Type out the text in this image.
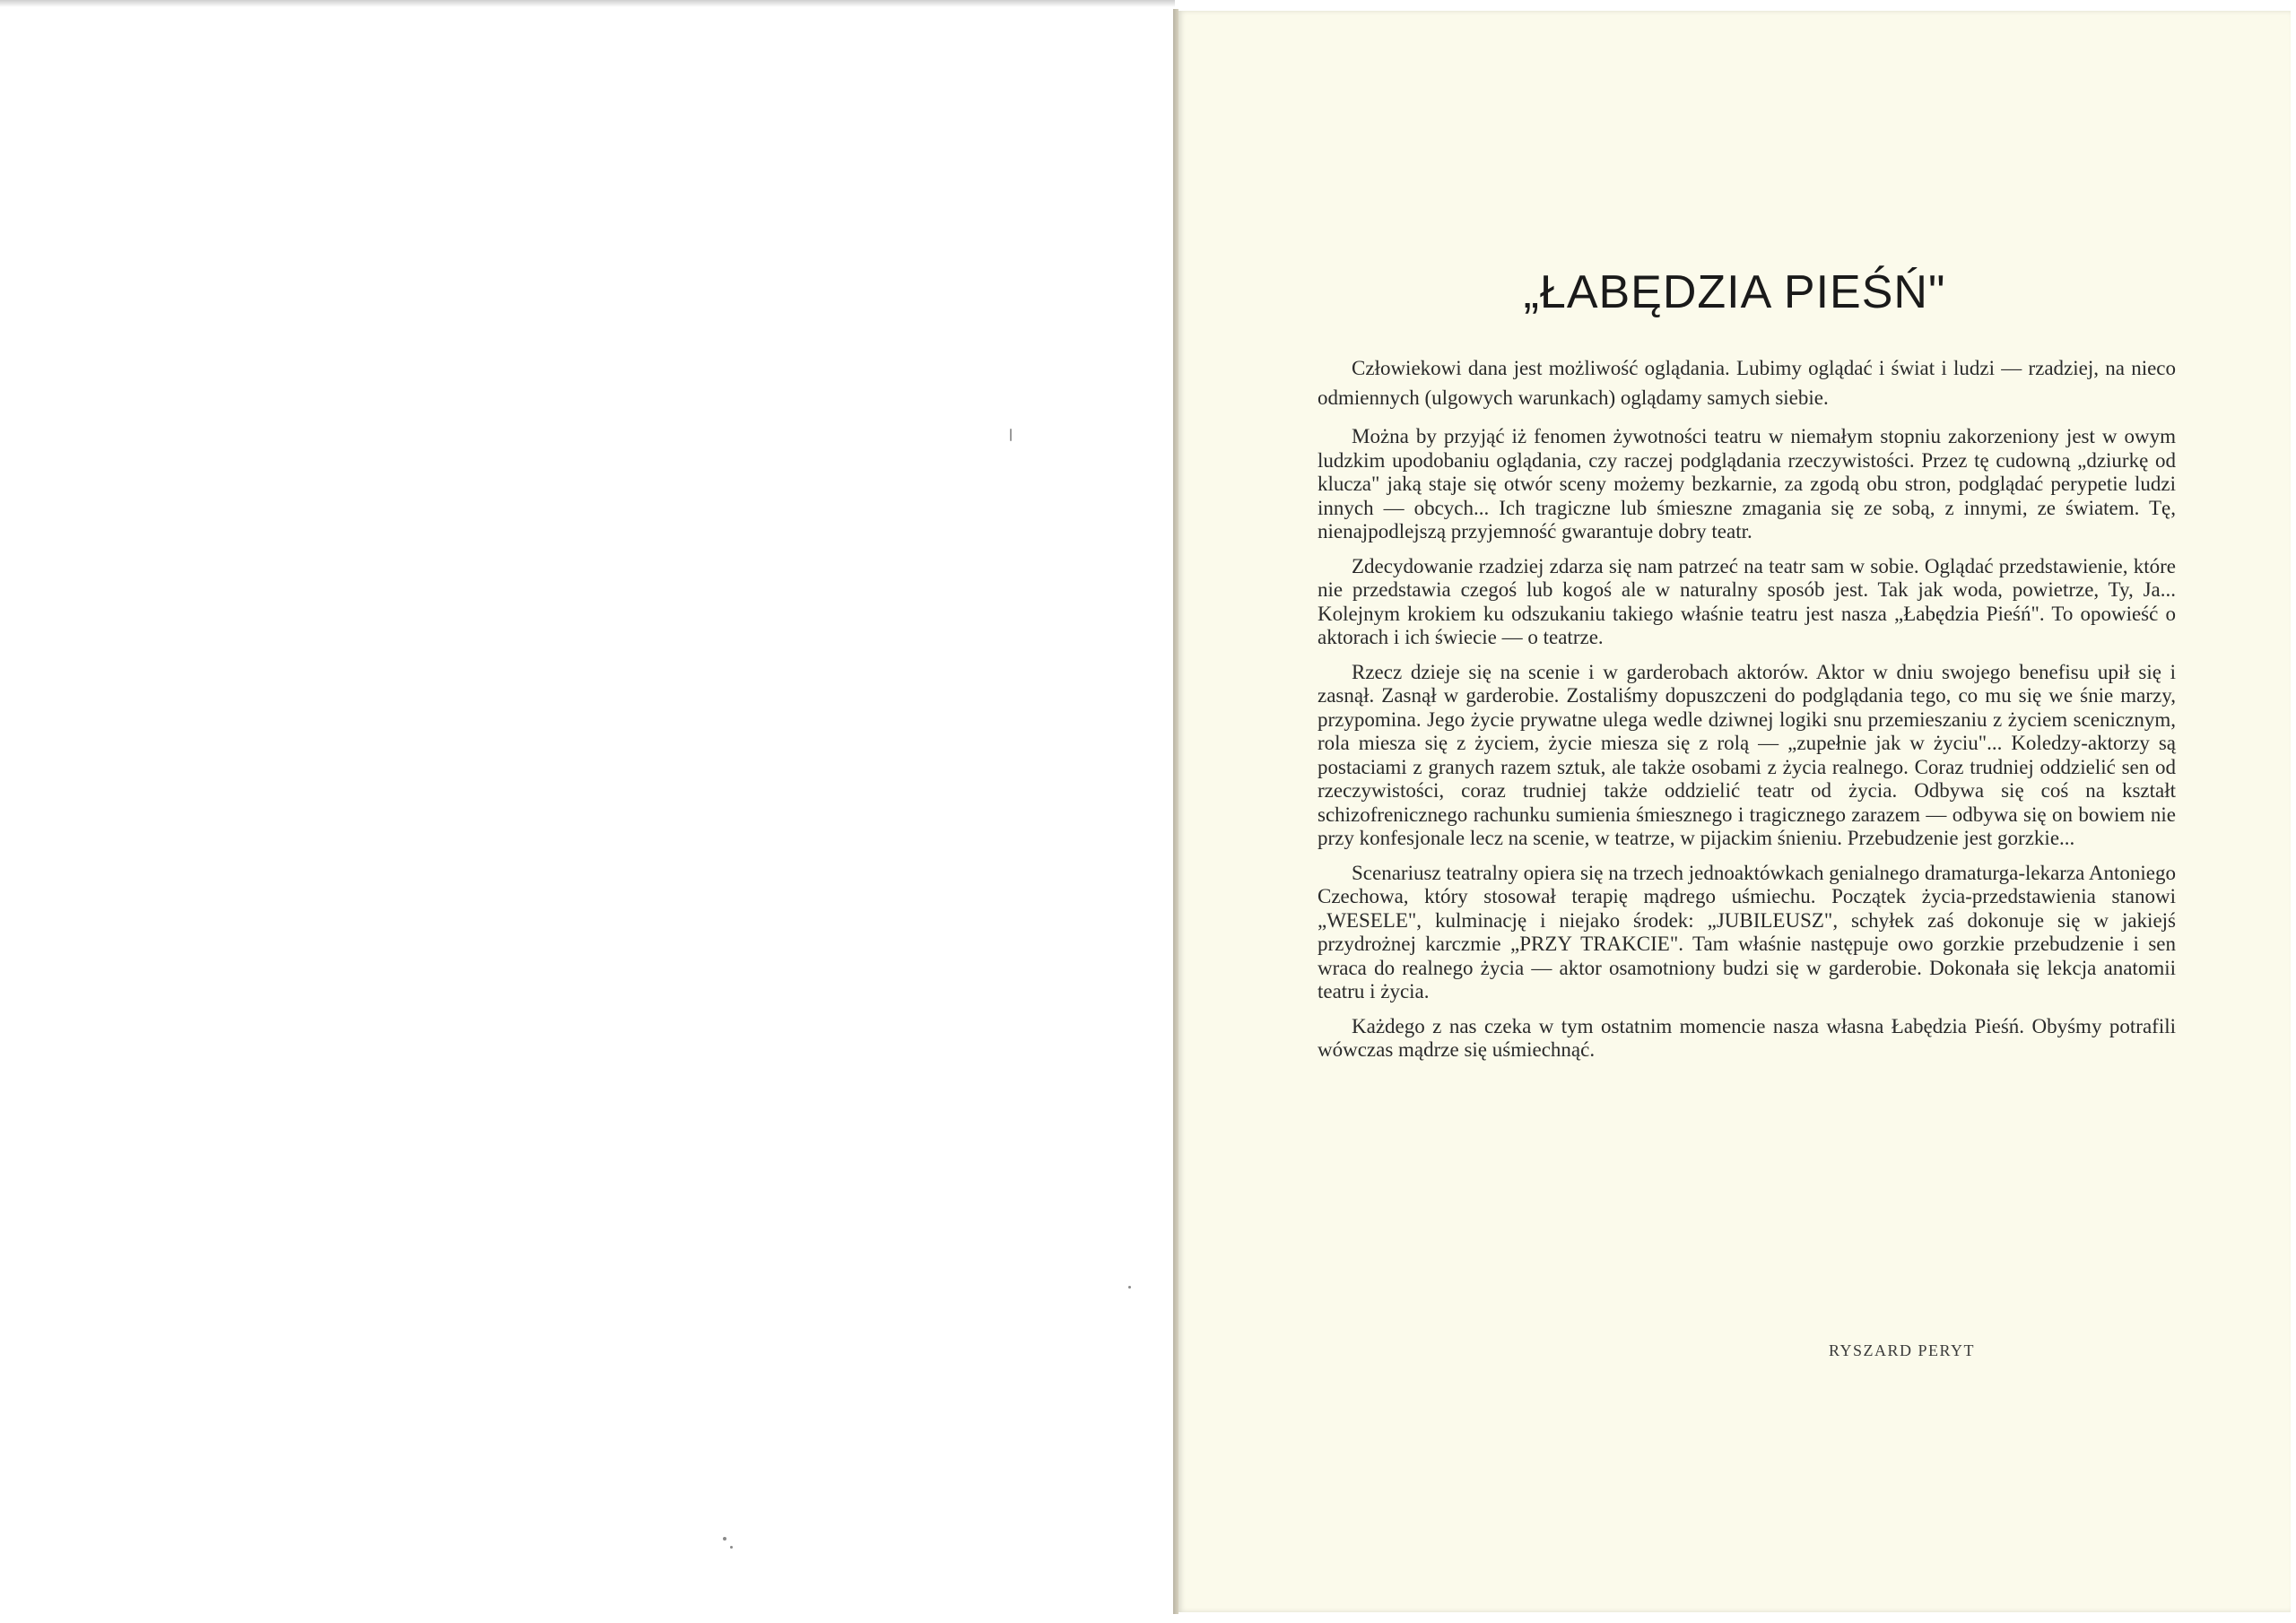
„ŁABĘDZIA PIEŚŃ"

Człowiekowi dana jest możliwość oglądania. Lubimy oglądać i świat i ludzi — rzadziej, na nieco odmiennych (ulgowych warunkach) oglądamy samych siebie.

Można by przyjąć iż fenomen żywotności teatru w niemałym stopniu zakorzeniony jest w owym ludzkim upodobaniu oglądania, czy raczej podglądania rzeczywistości. Przez tę cudowną „dziurkę od klucza" jaką staje się otwór sceny możemy bezkarnie, za zgodą obu stron, podglądać perypetie ludzi innych — obcych... Ich tragiczne lub śmieszne zmagania się ze sobą, z innymi, ze światem. Tę, nienajpodlejszą przyjemność gwarantuje dobry teatr.

Zdecydowanie rzadziej zdarza się nam patrzeć na teatr sam w sobie. Oglądać przedstawienie, które nie przedstawia czegoś lub kogoś ale w naturalny sposób jest. Tak jak woda, powietrze, Ty, Ja... Kolejnym krokiem ku odszukaniu takiego właśnie teatru jest nasza „Łabędzia Pieśń". To opowieść o aktorach i ich świecie — o teatrze.

Rzecz dzieje się na scenie i w garderobach aktorów. Aktor w dniu swojego benefisu upił się i zasnął. Zasnął w garderobie. Zostaliśmy dopuszczeni do podglądania tego, co mu się we śnie marzy, przypomina. Jego życie prywatne ulega wedle dziwnej logiki snu przemieszaniu z życiem scenicznym, rola miesza się z życiem, życie miesza się z rolą — „zupełnie jak w życiu"... Koledzy-aktorzy są postaciami z granych razem sztuk, ale także osobami z życia realnego. Coraz trudniej oddzielić sen od rzeczywistości, coraz trudniej także oddzielić teatr od życia. Odbywa się coś na kształt schizofrenicznego rachunku sumienia śmiesznego i tragicznego zarazem — odbywa się on bowiem nie przy konfesjonale lecz na scenie, w teatrze, w pijackim śnieniu. Przebudzenie jest gorzkie...

Scenariusz teatralny opiera się na trzech jednoaktówkach genialnego dramaturga-lekarza Antoniego Czechowa, który stosował terapię mądrego uśmiechu. Początek życia-przedstawienia stanowi „WESELE", kulminację i niejako środek: „JUBILEUSZ", schyłek zaś dokonuje się w jakiejś przydrożnej karczmie „PRZY TRAKCIE". Tam właśnie następuje owo gorzkie przebudzenie i sen wraca do realnego życia — aktor osamotniony budzi się w garderobie. Dokonała się lekcja anatomii teatru i życia.

Każdego z nas czeka w tym ostatnim momencie nasza własna Łabędzia Pieśń. Obyśmy potrafili wówczas mądrze się uśmiechnąć.

RYSZARD PERYT
